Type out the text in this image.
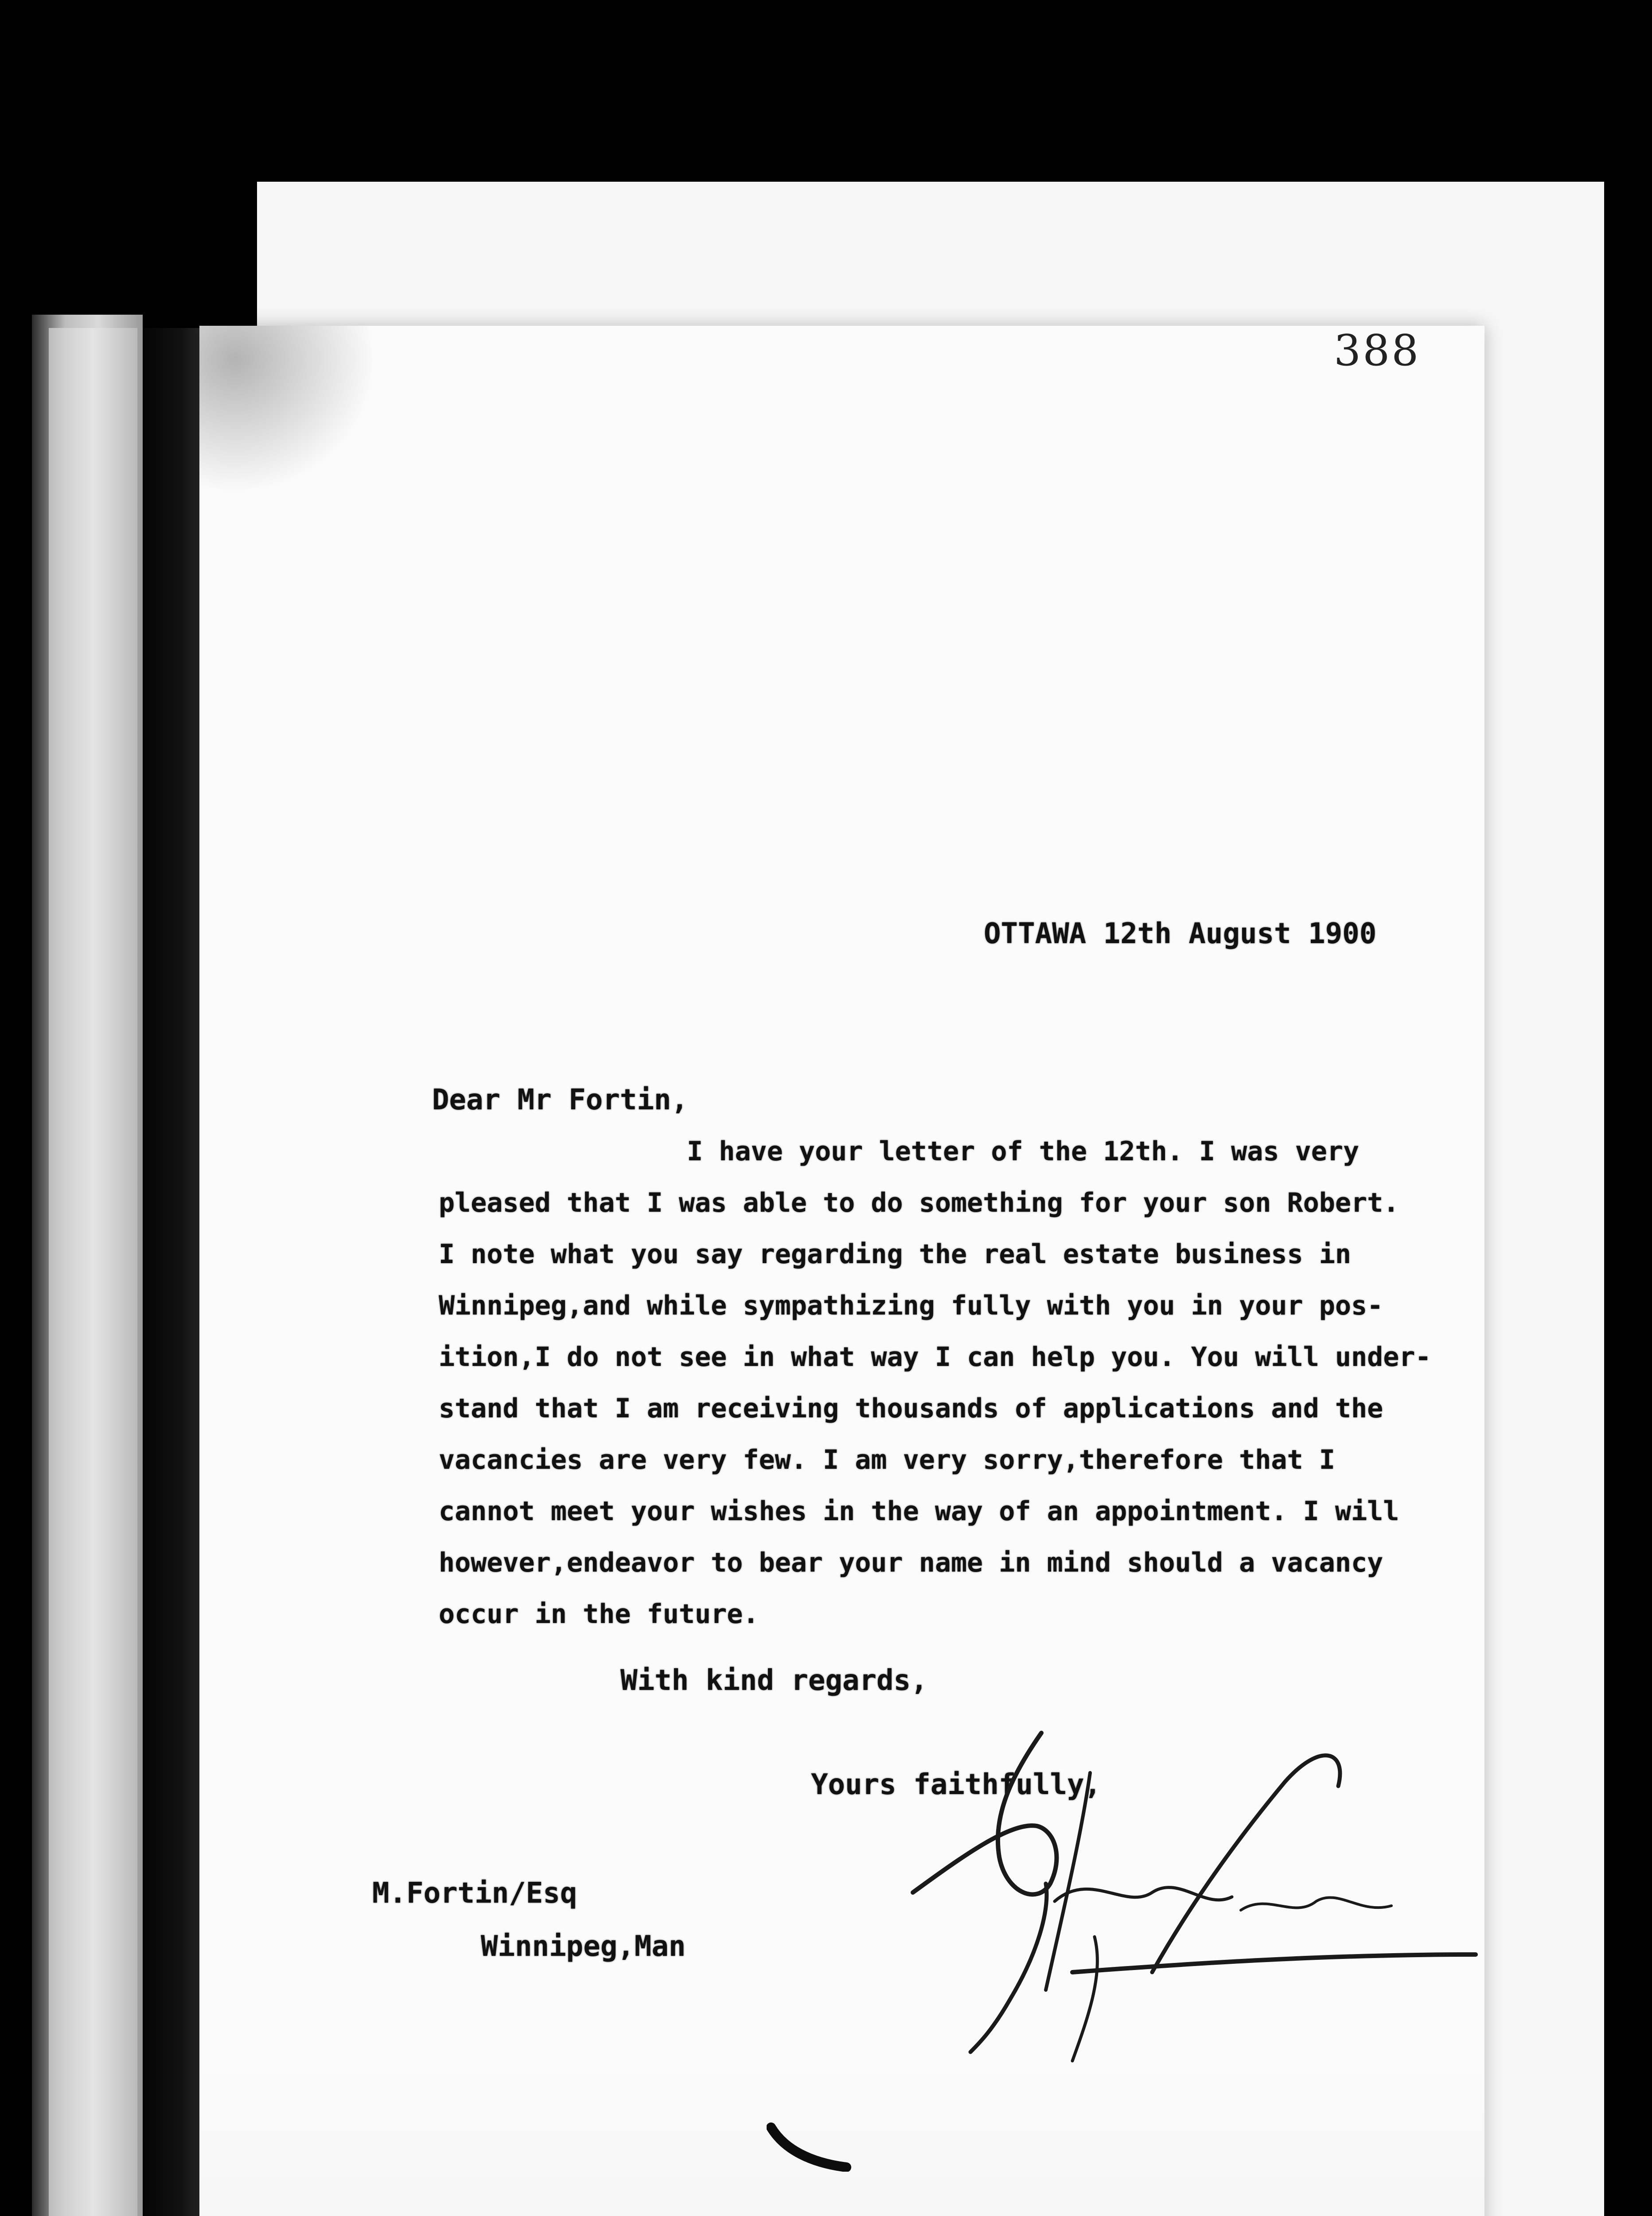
388
OTTAWA 12th August 1900
Dear Mr Fortin,
I have your letter of the 12th. I was very
pleased that I was able to do something for your son Robert.
I note what you say regarding the real estate business in
Winnipeg,and while sympathizing fully with you in your pos-
ition,I do not see in what way I can help you. You will under-
stand that I am receiving thousands of applications and the
vacancies are very few. I am very sorry,therefore that I
cannot meet your wishes in the way of an appointment. I will
however,endeavor to bear your name in mind should a vacancy
occur in the future.
With kind regards,
Yours faithfully,
M.Fortin/Esq
Winnipeg,Man
